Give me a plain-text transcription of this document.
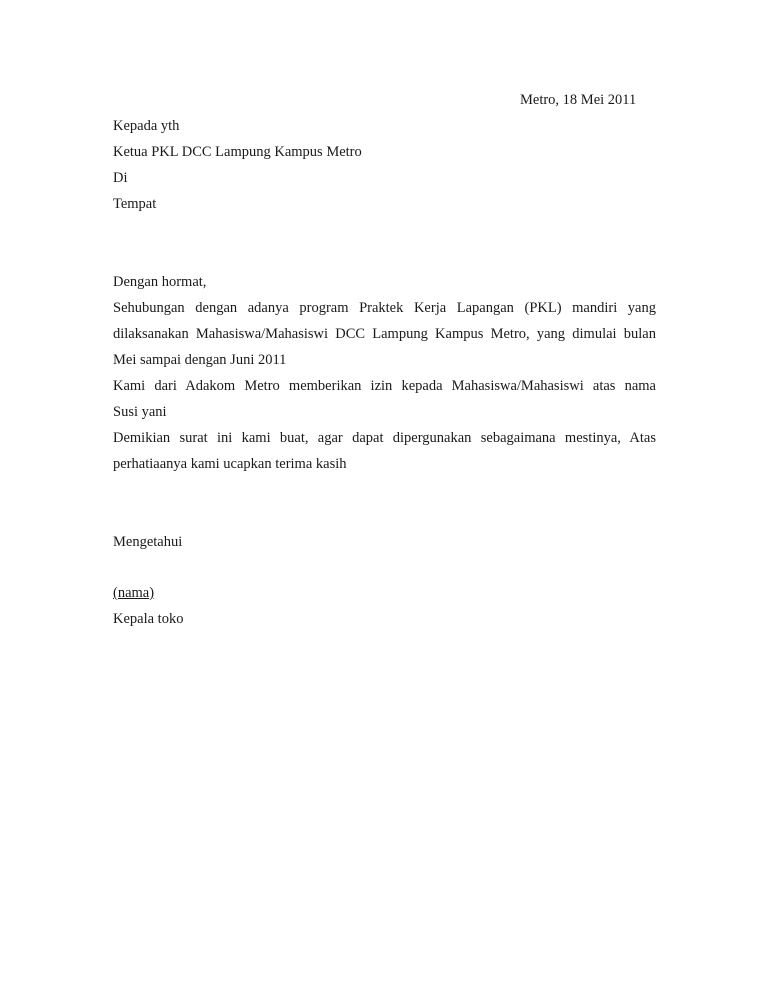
Metro, 18 Mei 2011
Kepada yth
Ketua PKL DCC Lampung Kampus Metro
Di
Tempat
Dengan hormat,
Sehubungan dengan adanya program Praktek Kerja Lapangan (PKL) mandiri yang
dilaksanakan Mahasiswa/Mahasiswi DCC Lampung Kampus Metro, yang dimulai bulan
Mei sampai dengan Juni 2011
Kami dari Adakom Metro memberikan izin kepada Mahasiswa/Mahasiswi atas nama
Susi yani
Demikian surat ini kami buat, agar dapat dipergunakan sebagaimana mestinya, Atas
perhatiaanya kami ucapkan terima kasih
Mengetahui
(nama)
Kepala toko
